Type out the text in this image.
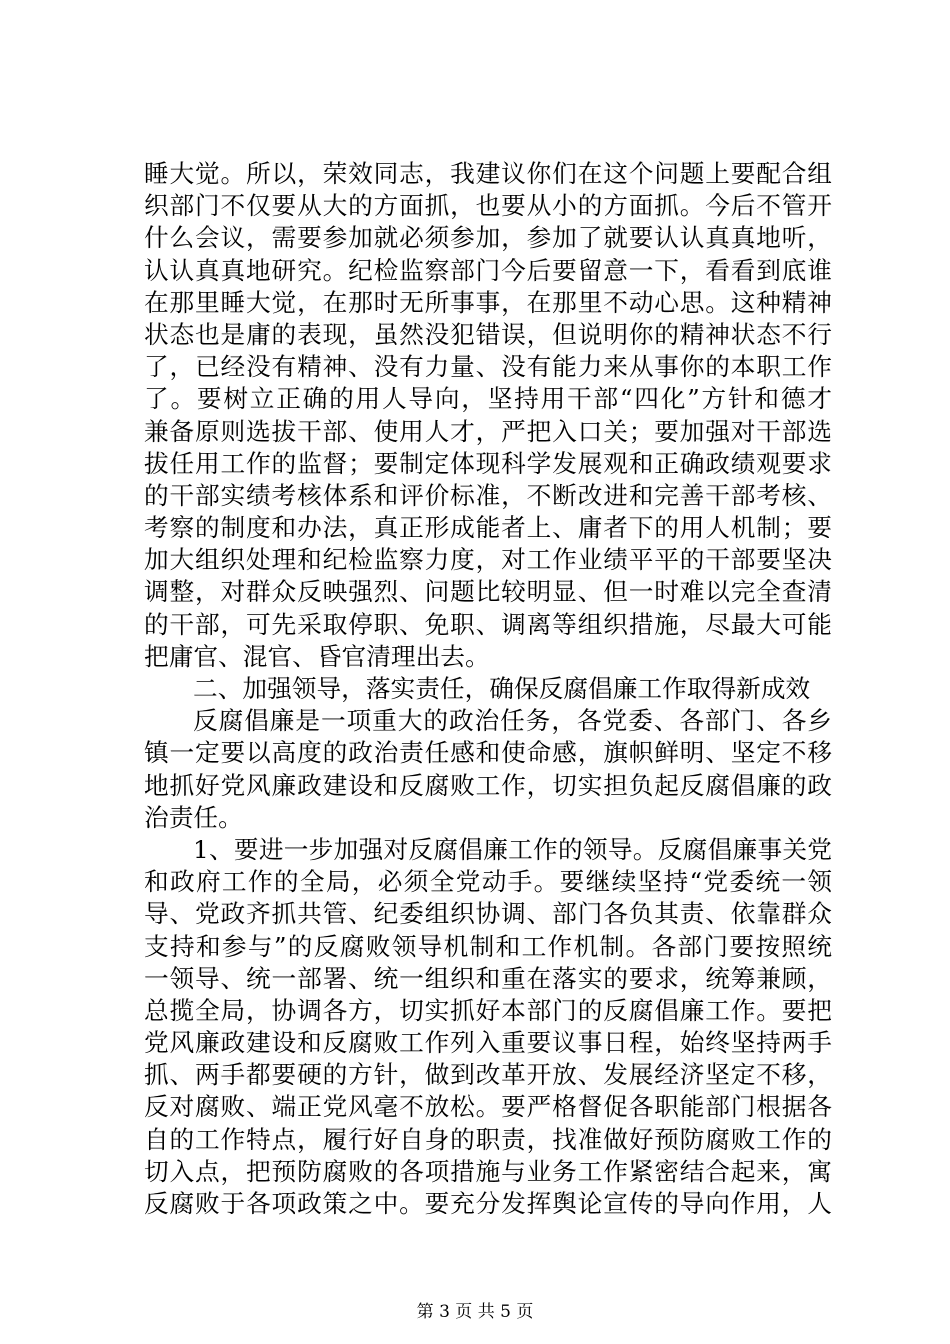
睡大觉。所以，荣效同志，我建议你们在这个问题上要配合组
织部门不仅要从大的方面抓，也要从小的方面抓。今后不管开
什么会议，需要参加就必须参加，参加了就要认认真真地听，
认认真真地研究。纪检监察部门今后要留意一下，看看到底谁
在那里睡大觉，在那时无所事事，在那里不动心思。这种精神
状态也是庸的表现，虽然没犯错误，但说明你的精神状态不行
了，已经没有精神、没有力量、没有能力来从事你的本职工作
了。要树立正确的用人导向，坚持用干部“四化”方针和德才
兼备原则选拔干部、使用人才，严把入口关；要加强对干部选
拔任用工作的监督；要制定体现科学发展观和正确政绩观要求
的干部实绩考核体系和评价标准，不断改进和完善干部考核、
考察的制度和办法，真正形成能者上、庸者下的用人机制；要
加大组织处理和纪检监察力度，对工作业绩平平的干部要坚决
调整，对群众反映强烈、问题比较明显、但一时难以完全查清
的干部，可先采取停职、免职、调离等组织措施，尽最大可能
把庸官、混官、昏官清理出去。
二、加强领导，落实责任，确保反腐倡廉工作取得新成效
反腐倡廉是一项重大的政治任务，各党委、各部门、各乡
镇一定要以高度的政治责任感和使命感，旗帜鲜明、坚定不移
地抓好党风廉政建设和反腐败工作，切实担负起反腐倡廉的政
治责任。
1、要进一步加强对反腐倡廉工作的领导。反腐倡廉事关党
和政府工作的全局，必须全党动手。要继续坚持“党委统一领
导、党政齐抓共管、纪委组织协调、部门各负其责、依靠群众
支持和参与”的反腐败领导机制和工作机制。各部门要按照统
一领导、统一部署、统一组织和重在落实的要求，统筹兼顾，
总揽全局，协调各方，切实抓好本部门的反腐倡廉工作。要把
党风廉政建设和反腐败工作列入重要议事日程，始终坚持两手
抓、两手都要硬的方针，做到改革开放、发展经济坚定不移，
反对腐败、端正党风毫不放松。要严格督促各职能部门根据各
自的工作特点，履行好自身的职责，找准做好预防腐败工作的
切入点，把预防腐败的各项措施与业务工作紧密结合起来，寓
反腐败于各项政策之中。要充分发挥舆论宣传的导向作用，人
第 3 页 共 5 页
